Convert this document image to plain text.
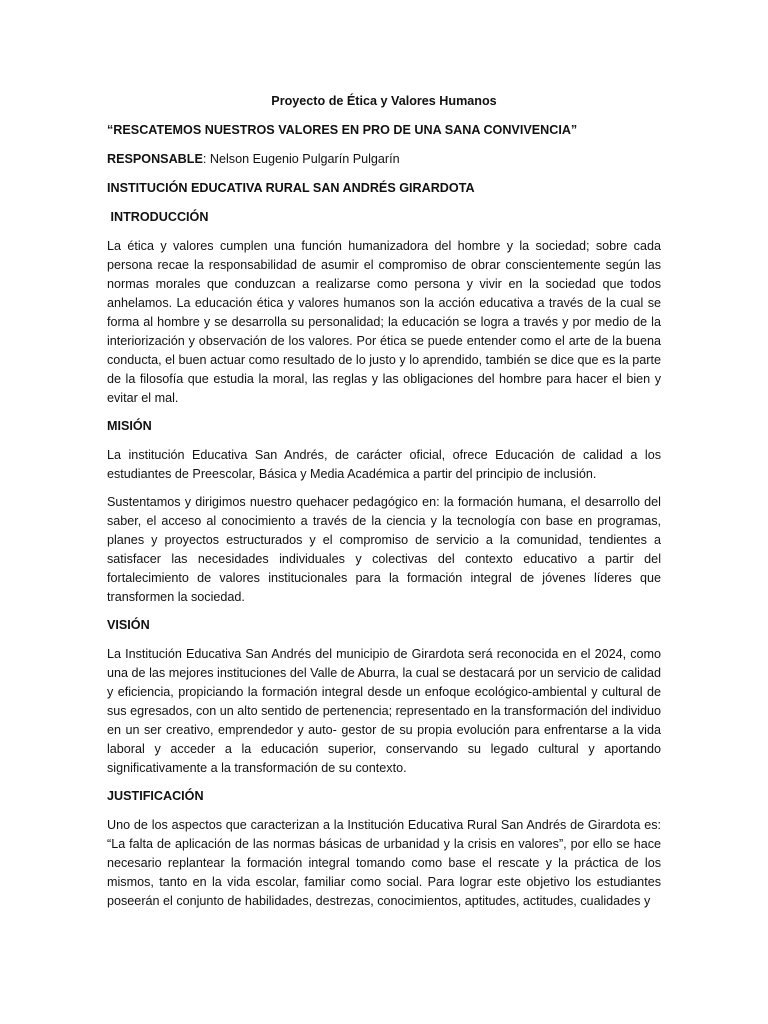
Proyecto de Ética y Valores Humanos

“RESCATEMOS NUESTROS VALORES EN PRO DE UNA SANA CONVIVENCIA”

RESPONSABLE: Nelson Eugenio Pulgarín Pulgarín

INSTITUCIÓN EDUCATIVA RURAL SAN ANDRÉS GIRARDOTA

INTRODUCCIÓN

La ética y valores cumplen una función humanizadora del hombre y la sociedad; sobre cada persona recae la responsabilidad de asumir el compromiso de obrar conscientemente según las normas morales que conduzcan a realizarse como persona y vivir en la sociedad que todos anhelamos. La educación ética y valores humanos son la acción educativa a través de la cual se forma al hombre y se desarrolla su personalidad; la educación se logra a través y por medio de la interiorización y observación de los valores. Por ética se puede entender como el arte de la buena conducta, el buen actuar como resultado de lo justo y lo aprendido, también se dice que es la parte de la filosofía que estudia la moral, las reglas y las obligaciones del hombre para hacer el bien y evitar el mal.

MISIÓN

La institución Educativa San Andrés, de carácter oficial, ofrece Educación de calidad a los estudiantes de Preescolar, Básica y Media Académica a partir del principio de inclusión.

Sustentamos y dirigimos nuestro quehacer pedagógico en: la formación humana, el desarrollo del saber, el acceso al conocimiento a través de la ciencia y la tecnología con base en programas, planes y proyectos estructurados y el compromiso de servicio a la comunidad, tendientes a satisfacer las necesidades individuales y colectivas del contexto educativo a partir del fortalecimiento de valores institucionales para la formación integral de jóvenes líderes que transformen la sociedad.

VISIÓN

La Institución Educativa San Andrés del municipio de Girardota será reconocida en el 2024, como una de las mejores instituciones del Valle de Aburra, la cual se destacará por un servicio de calidad y eficiencia, propiciando la formación integral desde un enfoque ecológico-ambiental y cultural de sus egresados, con un alto sentido de pertenencia; representado en la transformación del individuo en un ser creativo, emprendedor y auto- gestor de su propia evolución para enfrentarse a la vida laboral y acceder a la educación superior, conservando su legado cultural y aportando significativamente a la transformación de su contexto.

JUSTIFICACIÓN

Uno de los aspectos que caracterizan a la Institución Educativa Rural San Andrés de Girardota es: “La falta de aplicación de las normas básicas de urbanidad y la crisis en valores”, por ello se hace necesario replantear la formación integral tomando como base el rescate y la práctica de los mismos, tanto en la vida escolar, familiar como social. Para lograr este objetivo los estudiantes poseerán el conjunto de habilidades, destrezas, conocimientos, aptitudes, actitudes, cualidades y
